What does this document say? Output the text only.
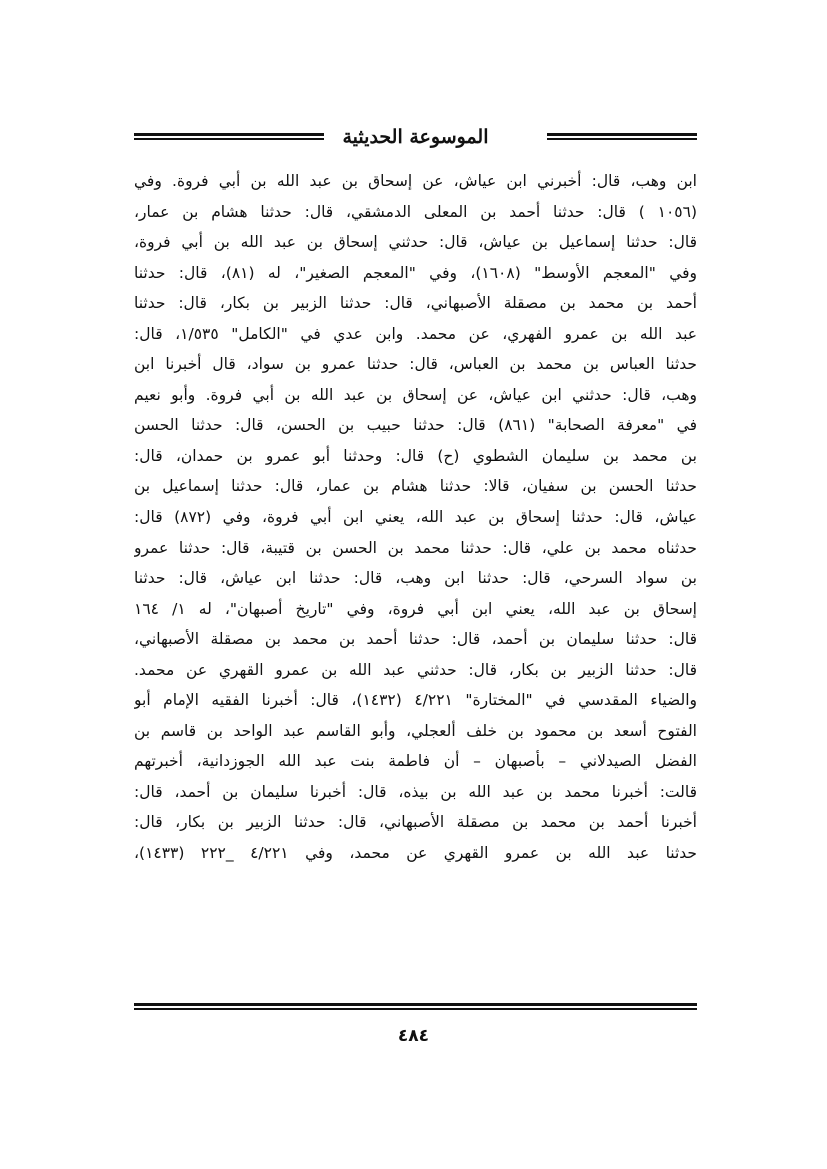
الموسوعة الحديثية
ابن وهب، قال: أخبرني ابن عياش، عن إسحاق بن عبد الله بن أبي فروة. وفي
(١٠٥٦ ) قال: حدثنا أحمد بن المعلى الدمشقي، قال: حدثنا هشام بن عمار،
قال: حدثنا إسماعيل بن عياش، قال: حدثني إسحاق بن عبد الله بن أبي فروة،
وفي "المعجم الأوسط" (١٦٠٨)، وفي "المعجم الصغير"، له (٨١)، قال: حدثنا
أحمد بن محمد بن مصقلة الأصبهاني، قال: حدثنا الزبير بن بكار، قال: حدثنا
عبد الله بن عمرو الفهري، عن محمد. وابن عدي في "الكامل" ١/٥٣٥، قال:
حدثنا العباس بن محمد بن العباس، قال: حدثنا عمرو بن سواد، قال أخبرنا ابن
وهب، قال: حدثني ابن عياش، عن إسحاق بن عبد الله بن أبي فروة. وأبو نعيم
في "معرفة الصحابة" (٨٦١) قال: حدثنا حبيب بن الحسن، قال: حدثنا الحسن
بن محمد بن سليمان الشطوي (ح) قال: وحدثنا أبو عمرو بن حمدان، قال:
حدثنا الحسن بن سفيان، قالا: حدثنا هشام بن عمار، قال: حدثنا إسماعيل بن
عياش، قال: حدثنا إسحاق بن عبد الله، يعني ابن أبي فروة، وفي (٨٧٢) قال:
حدثناه محمد بن علي، قال: حدثنا محمد بن الحسن بن قتيبة، قال: حدثنا عمرو
بن سواد السرحي، قال: حدثنا ابن وهب، قال: حدثنا ابن عياش، قال: حدثنا
إسحاق بن عبد الله، يعني ابن أبي فروة، وفي "تاريخ أصبهان"، له ١/ ١٦٤
قال: حدثنا سليمان بن أحمد، قال: حدثنا أحمد بن محمد بن مصقلة الأصبهاني،
قال: حدثنا الزبير بن بكار، قال: حدثني عبد الله بن عمرو القهري عن محمد.
والضياء المقدسي في "المختارة" ٤/٢٢١ (١٤٣٢)، قال: أخبرنا الفقيه الإمام أبو
الفتوح أسعد بن محمود بن خلف ألعجلي، وأبو القاسم عبد الواحد بن قاسم بن
الفضل الصيدلاني – بأصبهان – أن فاطمة بنت عبد الله الجوزدانية، أخبرتهم
قالت: أخبرنا محمد بن عبد الله بن بيذه، قال: أخبرنا سليمان بن أحمد، قال:
أخبرنا أحمد بن محمد بن مصقلة الأصبهاني، قال: حدثنا الزبير بن بكار، قال:
حدثنا عبد الله بن عمرو القهري عن محمد، وفي ٤/٢٢١ _٢٢٢ (١٤٣٣)،
٤٨٤
